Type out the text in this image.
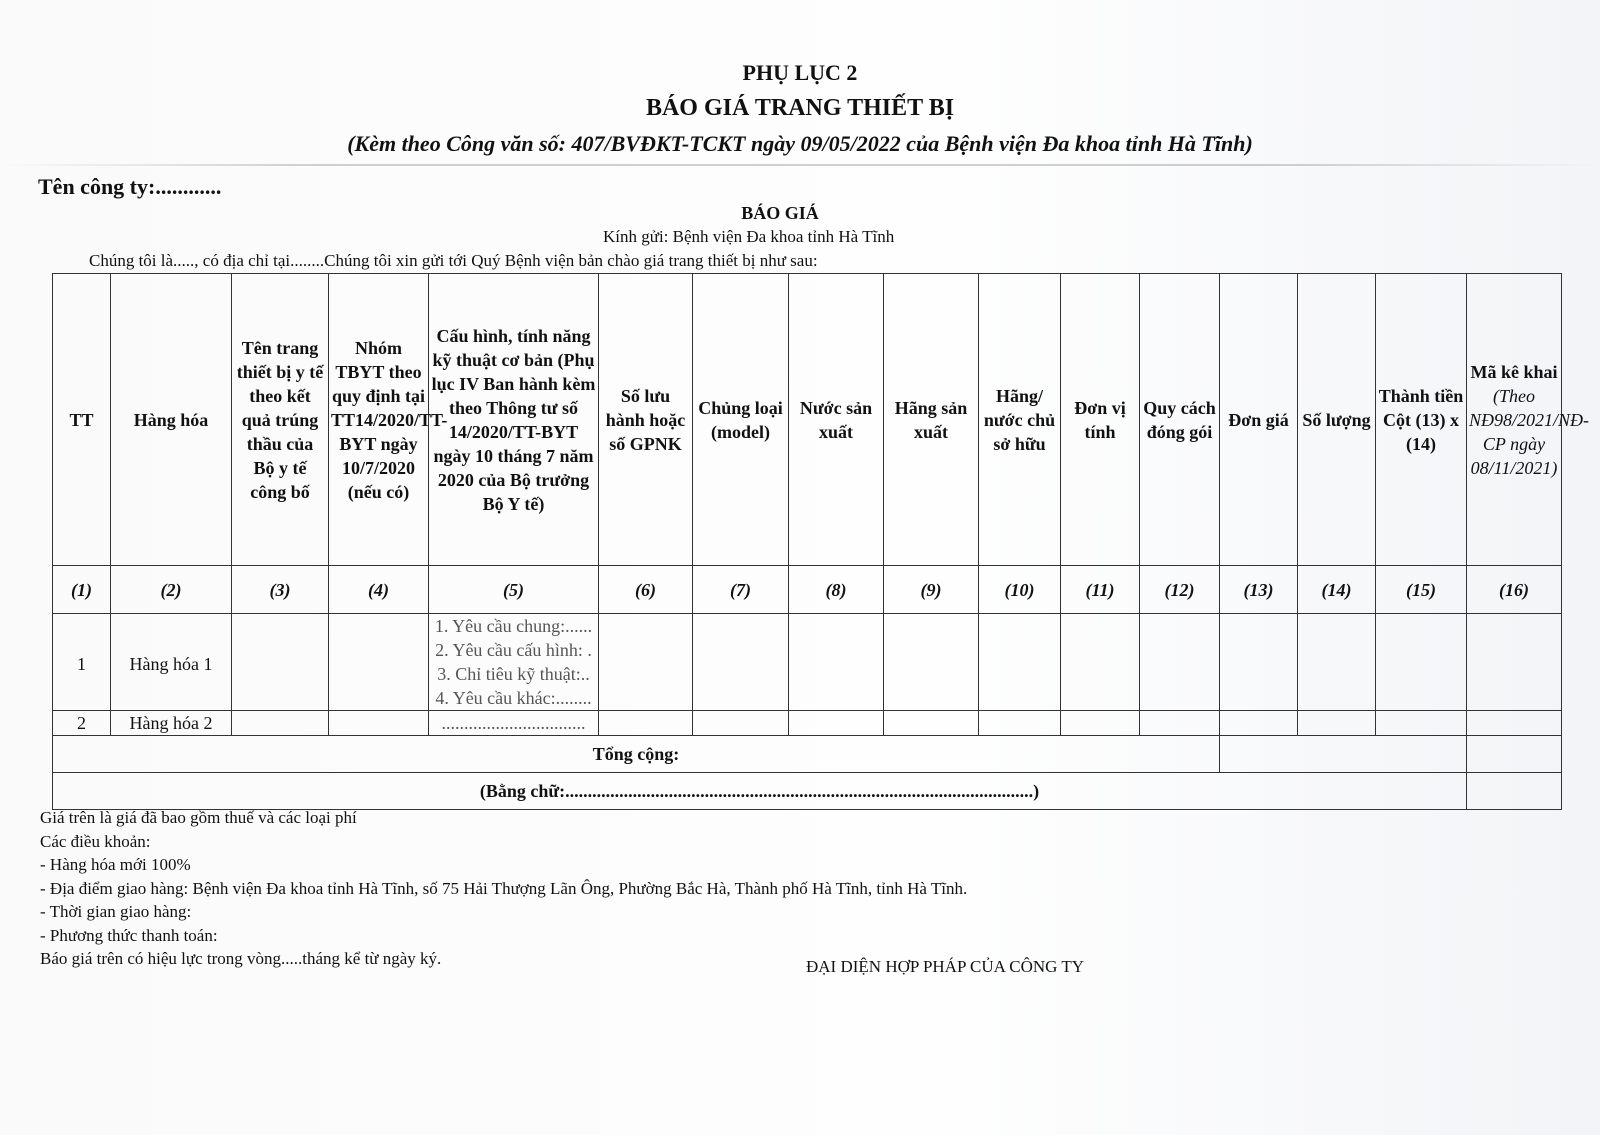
PHỤ LỤC 2
BÁO GIÁ TRANG THIẾT BỊ
(Kèm theo Công văn số: 407/BVĐKT-TCKT ngày 09/05/2022 của Bệnh viện Đa khoa tỉnh Hà Tĩnh)
Tên công ty:............
BÁO GIÁ
Kính gửi: Bệnh viện Đa khoa tỉnh Hà Tĩnh
Chúng tôi là....., có địa chỉ tại........Chúng tôi xin gửi tới Quý Bệnh viện bản chào giá trang thiết bị như sau:
TT	Hàng hóa	Tên trang thiết bị y tế theo kết quả trúng thầu của Bộ y tế công bố	Nhóm TBYT theo quy định tại TT14/2020/TT-BYT ngày 10/7/2020 (nếu có)	Cấu hình, tính năng kỹ thuật cơ bản (Phụ lục IV Ban hành kèm theo Thông tư số 14/2020/TT-BYT ngày 10 tháng 7 năm 2020 của Bộ trưởng Bộ Y tế)	Số lưu hành hoặc số GPNK	Chủng loại (model)	Nước sản xuất	Hãng sản xuất	Hãng/ nước chủ sở hữu	Đơn vị tính	Quy cách đóng gói	Đơn giá	Số lượng	Thành tiền Cột (13) x (14)	Mã kê khai
(Theo NĐ98/2021/NĐ-CP ngày 08/11/2021)

(1)	(2)	(3)	(4)	(5)	(6)	(7)	(8)	(9)	(10)	(11)	(12)	(13)	(14)	(15)	(16)
1	Hàng hóa 1			1. Yêu cầu chung:......
2. Yêu cầu cấu hình: .
3. Chỉ tiêu kỹ thuật:..
4. Yêu cầu khác:........											

2	Hàng hóa 2			................................											

Tổng cộng:															
(Bằng chữ:........................................................................................................)															
Giá trên là giá đã bao gồm thuế và các loại phí
Các điều khoản:
- Hàng hóa mới 100%
- Địa điểm giao hàng: Bệnh viện Đa khoa tỉnh Hà Tĩnh, số 75 Hải Thượng Lãn Ông, Phường Bắc Hà, Thành phố Hà Tĩnh, tỉnh Hà Tĩnh.
- Thời gian giao hàng:
- Phương thức thanh toán:
Báo giá trên có hiệu lực trong vòng.....tháng kể từ ngày ký.	ĐẠI DIỆN HỢP PHÁP CỦA CÔNG TY
